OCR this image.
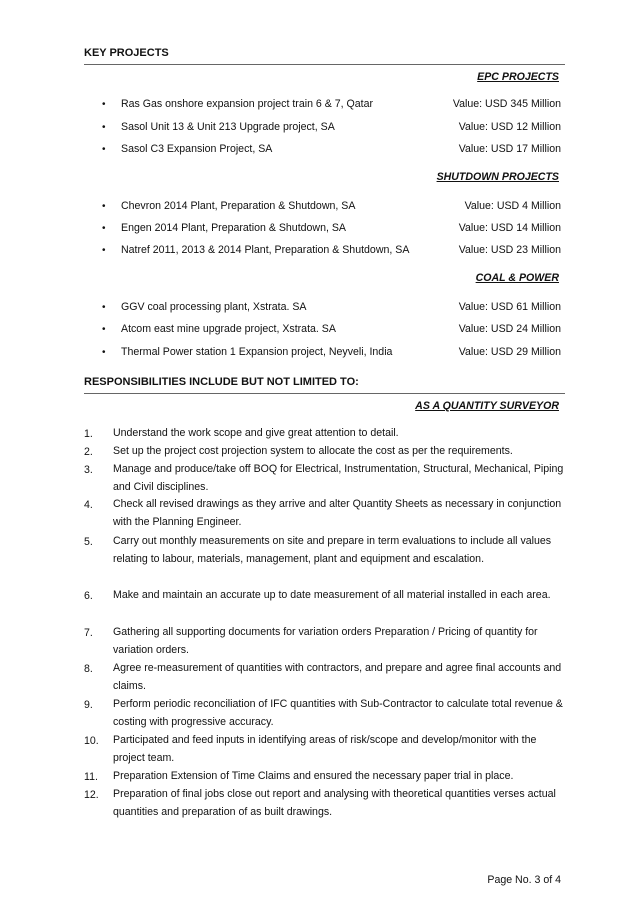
KEY PROJECTS
EPC PROJECTS
• Ras Gas onshore expansion project train 6 & 7, Qatar	Value: USD 345 Million
• Sasol Unit 13 & Unit 213 Upgrade project, SA	Value: USD 12 Million
• Sasol C3 Expansion Project, SA	Value: USD 17 Million
SHUTDOWN PROJECTS
• Chevron 2014 Plant, Preparation & Shutdown, SA	Value: USD 4 Million
• Engen 2014 Plant, Preparation & Shutdown, SA	Value: USD 14 Million
• Natref 2011, 2013 & 2014 Plant, Preparation & Shutdown, SA	Value: USD 23 Million
COAL & POWER
• GGV coal processing plant, Xstrata. SA	Value: USD 61 Million
• Atcom east mine upgrade project, Xstrata. SA	Value: USD 24 Million
• Thermal Power station 1 Expansion project, Neyveli, India	Value: USD 29 Million
RESPONSIBILITIES INCLUDE BUT NOT LIMITED TO:
AS A QUANTITY SURVEYOR
1. Understand the work scope and give great attention to detail.
2. Set up the project cost projection system to allocate the cost as per the requirements.
3. Manage and produce/take off BOQ for Electrical, Instrumentation, Structural, Mechanical, Piping and Civil disciplines.
4. Check all revised drawings as they arrive and alter Quantity Sheets as necessary in conjunction with the Planning Engineer.
5. Carry out monthly measurements on site and prepare in term evaluations to include all values relating to labour, materials, management, plant and equipment and escalation.
6. Make and maintain an accurate up to date measurement of all material installed in each area.
7. Gathering all supporting documents for variation orders Preparation / Pricing of quantity for variation orders.
8. Agree re-measurement of quantities with contractors, and prepare and agree final accounts and claims.
9. Perform periodic reconciliation of IFC quantities with Sub-Contractor to calculate total revenue & costing with progressive accuracy.
10. Participated and feed inputs in identifying areas of risk/scope and develop/monitor with the project team.
11. Preparation Extension of Time Claims and ensured the necessary paper trial in place.
12. Preparation of final jobs close out report and analysing with theoretical quantities verses actual quantities and preparation of as built drawings.
Page No. 3 of 4
